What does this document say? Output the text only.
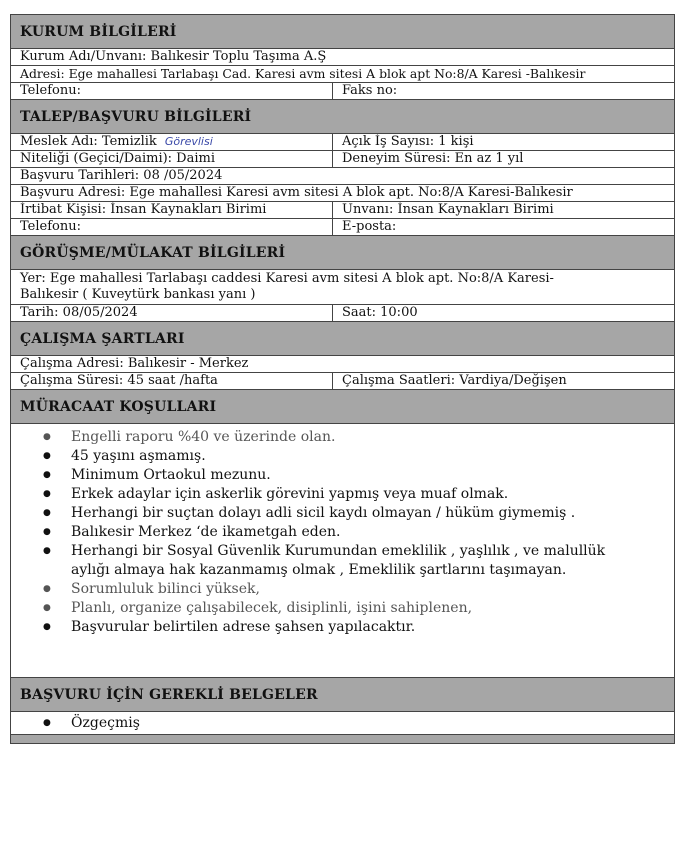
KURUM BİLGİLERİ
Kurum Adı/Unvanı: Balıkesir Toplu Taşıma A.Ş
Adresi: Ege mahallesi Tarlabaşı Cad. Karesi avm sitesi A blok apt No:8/A Karesi -Balıkesir
Telefonu:	Faks no:
TALEP/BAŞVURU BİLGİLERİ
Meslek Adı: Temizlik Görevlisi	Açık İş Sayısı: 1 kişi
Niteliği (Geçici/Daimi): Daimi	Deneyim Süresi: En az 1 yıl
Başvuru Tarihleri: 08 /05/2024
Başvuru Adresi: Ege mahallesi Karesi avm sitesi A blok apt. No:8/A Karesi-Balıkesir
İrtibat Kişisi: İnsan Kaynakları Birimi	Unvanı: İnsan Kaynakları Birimi
Telefonu:	E-posta:
GÖRÜŞME/MÜLAKAT BİLGİLERİ
Yer: Ege mahallesi Tarlabaşı caddesi Karesi avm sitesi A blok apt. No:8/A Karesi-
Balıkesir ( Kuveytürk bankası yanı )
Tarih: 08/05/2024	Saat: 10:00
ÇALIŞMA ŞARTLARI
Çalışma Adresi: Balıkesir - Merkez
Çalışma Süresi: 45 saat /hafta	Çalışma Saatleri: Vardiya/Değişen
MÜRACAAT KOŞULLARI
● Engelli raporu %40 ve üzerinde olan.
● 45 yaşını aşmamış.
● Minimum Ortaokul mezunu.
● Erkek adaylar için askerlik görevini yapmış veya muaf olmak.
● Herhangi bir suçtan dolayı adli sicil kaydı olmayan / hüküm giymemiş .
● Balıkesir Merkez ‘de ikametgah eden.
● Herhangi bir Sosyal Güvenlik Kurumundan emeklilik , yaşlılık , ve malullük
aylığı almaya hak kazanmamış olmak , Emeklilik şartlarını taşımayan.
● Sorumluluk bilinci yüksek,
● Planlı, organize çalışabilecek, disiplinli, işini sahiplenen,
● Başvurular belirtilen adrese şahsen yapılacaktır.
BAŞVURU İÇİN GEREKLİ BELGELER
● Özgeçmiş
